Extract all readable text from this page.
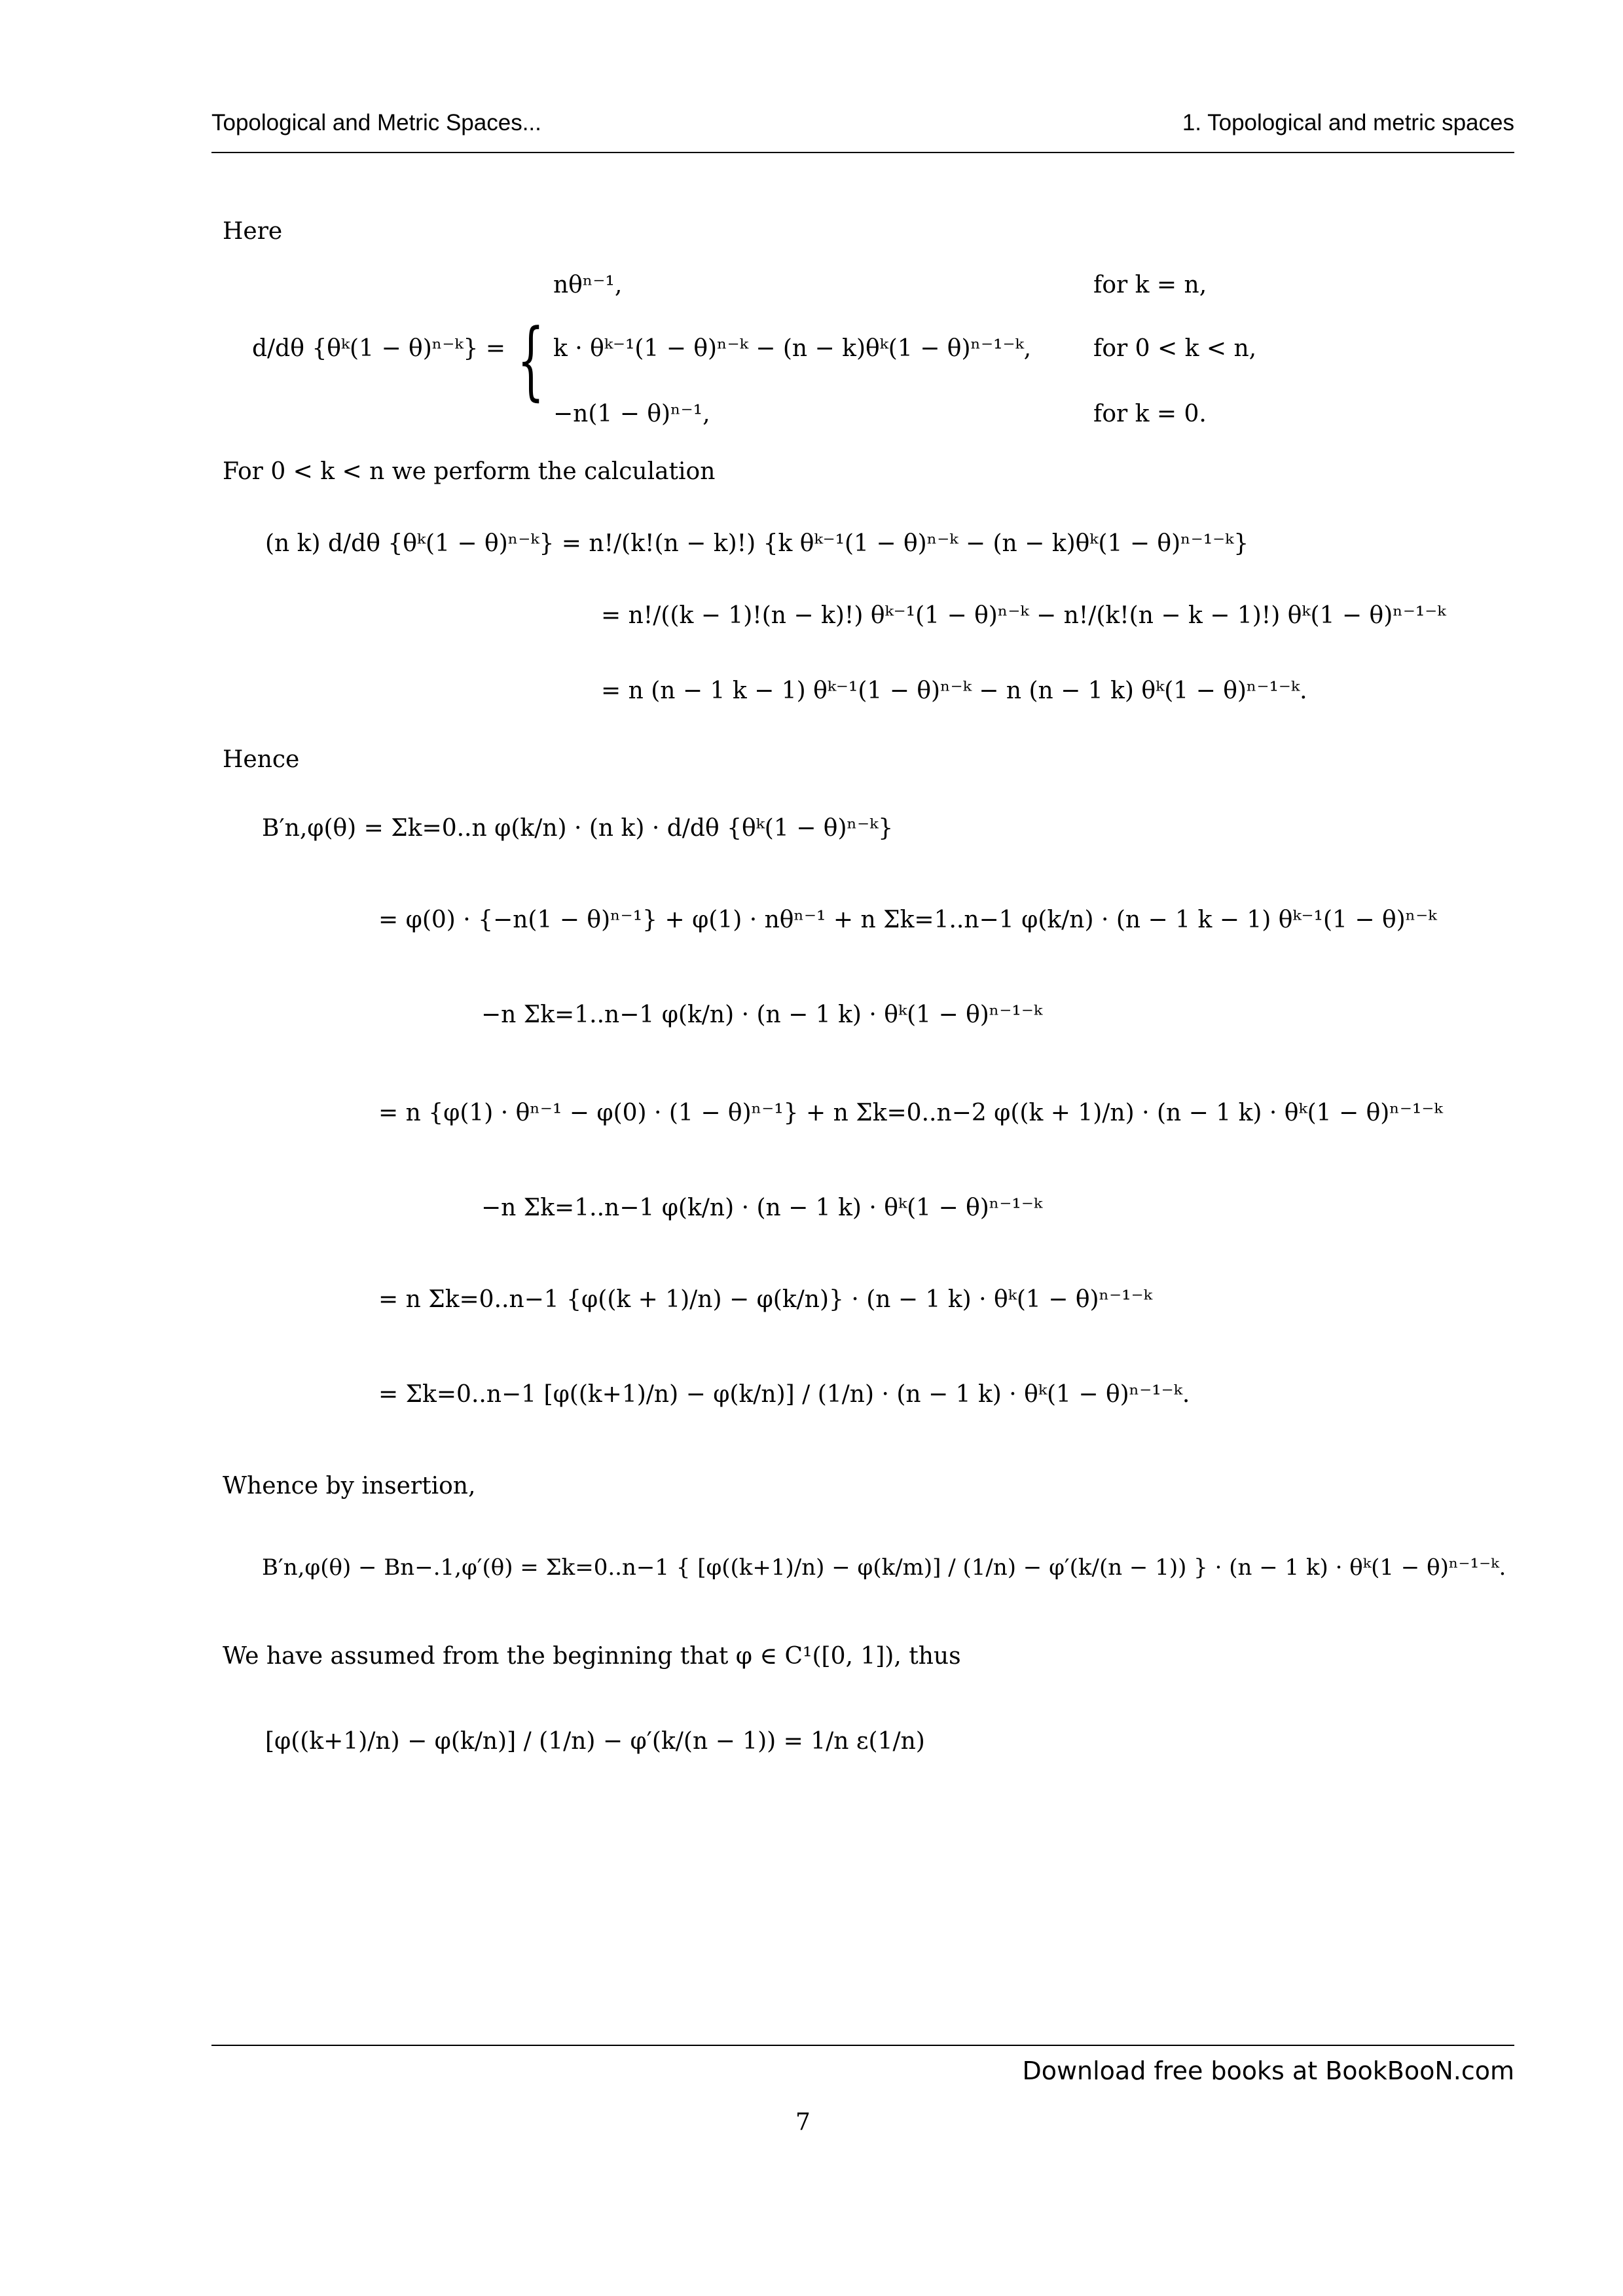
Topological and Metric Spaces...	1. Topological and metric spaces
Here
d/dθ {θᵏ(1 − θ)ⁿ⁻ᵏ} = {
nθⁿ⁻¹,	for k = n,
k · θᵏ⁻¹(1 − θ)ⁿ⁻ᵏ − (n − k)θᵏ(1 − θ)ⁿ⁻¹⁻ᵏ,	for 0 < k < n,
−n(1 − θ)ⁿ⁻¹,	for k = 0.
For 0 < k < n we perform the calculation
(n k) d/dθ {θᵏ(1 − θ)ⁿ⁻ᵏ} = n!/(k!(n − k)!) {k θᵏ⁻¹(1 − θ)ⁿ⁻ᵏ − (n − k)θᵏ(1 − θ)ⁿ⁻¹⁻ᵏ}
= n!/((k − 1)!(n − k)!) θᵏ⁻¹(1 − θ)ⁿ⁻ᵏ − n!/(k!(n − k − 1)!) θᵏ(1 − θ)ⁿ⁻¹⁻ᵏ
= n (n − 1 k − 1) θᵏ⁻¹(1 − θ)ⁿ⁻ᵏ − n (n − 1 k) θᵏ(1 − θ)ⁿ⁻¹⁻ᵏ.
Hence
B′n,φ(θ) = Σk=0..n φ(k/n) · (n k) · d/dθ {θᵏ(1 − θ)ⁿ⁻ᵏ}
= φ(0) · {−n(1 − θ)ⁿ⁻¹} + φ(1) · nθⁿ⁻¹ + n Σk=1..n−1 φ(k/n) · (n − 1 k − 1) θᵏ⁻¹(1 − θ)ⁿ⁻ᵏ
−n Σk=1..n−1 φ(k/n) · (n − 1 k) · θᵏ(1 − θ)ⁿ⁻¹⁻ᵏ
= n {φ(1) · θⁿ⁻¹ − φ(0) · (1 − θ)ⁿ⁻¹} + n Σk=0..n−2 φ((k + 1)/n) · (n − 1 k) · θᵏ(1 − θ)ⁿ⁻¹⁻ᵏ
−n Σk=1..n−1 φ(k/n) · (n − 1 k) · θᵏ(1 − θ)ⁿ⁻¹⁻ᵏ
= n Σk=0..n−1 {φ((k + 1)/n) − φ(k/n)} · (n − 1 k) · θᵏ(1 − θ)ⁿ⁻¹⁻ᵏ
= Σk=0..n−1 [φ((k+1)/n) − φ(k/n)] / (1/n) · (n − 1 k) · θᵏ(1 − θ)ⁿ⁻¹⁻ᵏ.
Whence by insertion,
B′n,φ(θ) − Bn−.1,φ′(θ) = Σk=0..n−1 { [φ((k+1)/n) − φ(k/m)] / (1/n) − φ′(k/(n − 1)) } · (n − 1 k) · θᵏ(1 − θ)ⁿ⁻¹⁻ᵏ.
We have assumed from the beginning that φ ∈ C¹([0, 1]), thus
[φ((k+1)/n) − φ(k/n)] / (1/n) − φ′(k/(n − 1)) = 1/n ε(1/n)
Download free books at BookBooN.com
7
